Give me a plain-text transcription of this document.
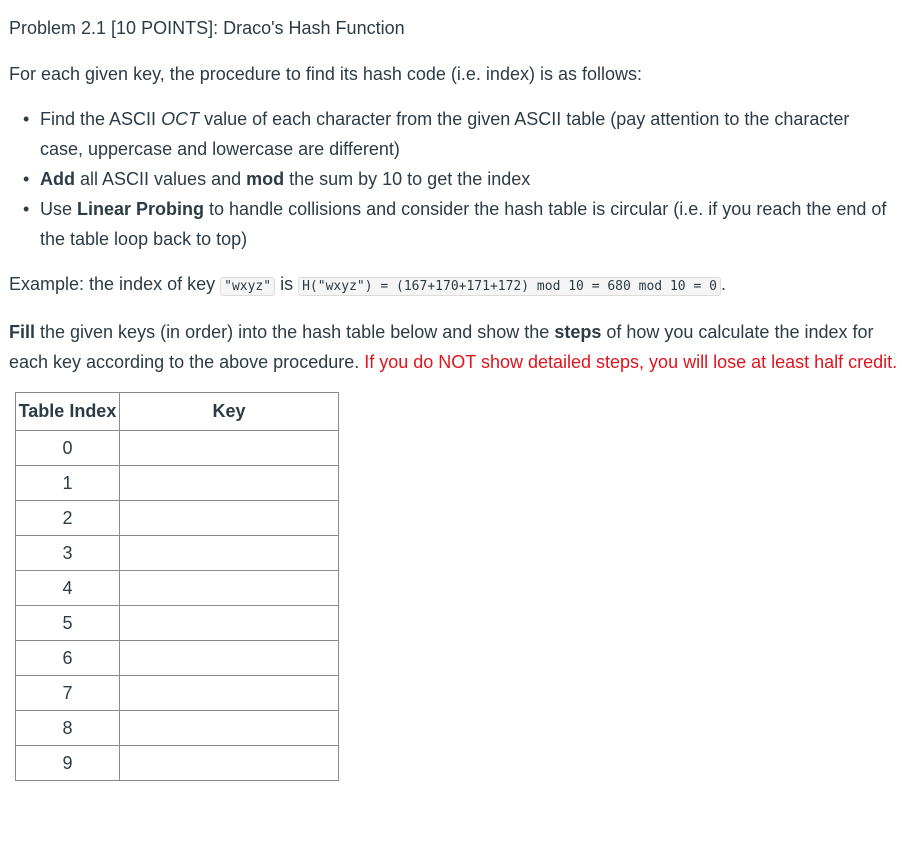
Problem 2.1 [10 POINTS]: Draco's Hash Function

For each given key, the procedure to find its hash code (i.e. index) is as follows:

• Find the ASCII OCT value of each character from the given ASCII table (pay attention to the character case, uppercase and lowercase are different)
• Add all ASCII values and mod the sum by 10 to get the index
• Use Linear Probing to handle collisions and consider the hash table is circular (i.e. if you reach the end of the table loop back to top)

Example: the index of key "wxyz" is H("wxyz") = (167+170+171+172) mod 10 = 680 mod 10 = 0 .

Fill the given keys (in order) into the hash table below and show the steps of how you calculate the index for each key according to the above procedure. If you do NOT show detailed steps, you will lose at least half credit.

Table Index	Key
0	
1	
2	
3	
4	
5	
6	
7	
8	
9	
